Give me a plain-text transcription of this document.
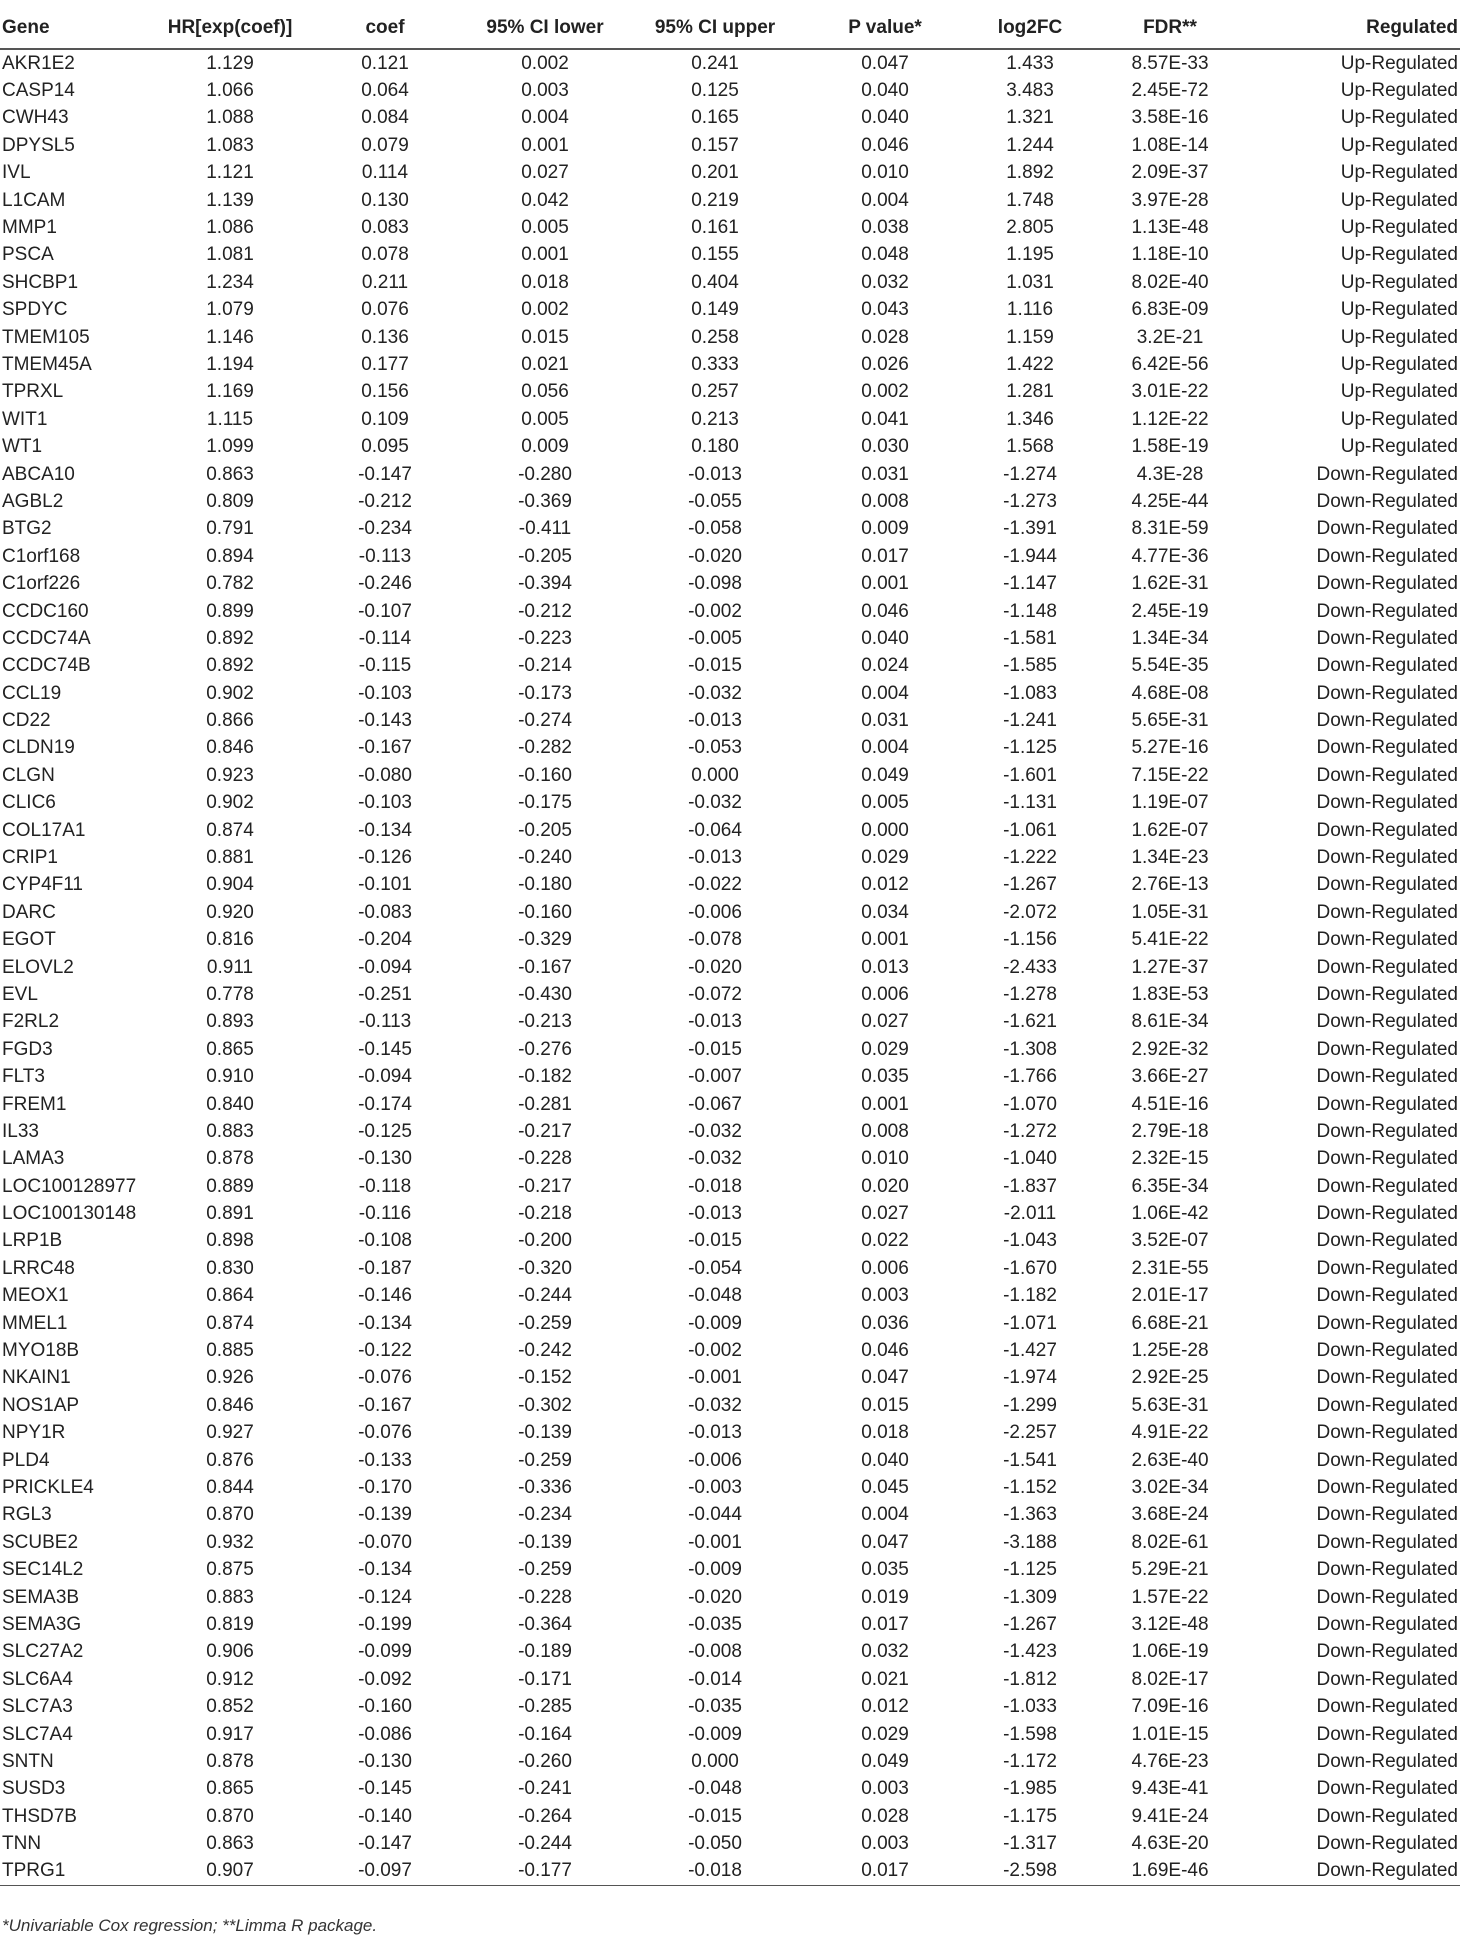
Gene	HR[exp(coef)]	coef	95% CI lower	95% CI upper	P value*	log2FC	FDR**	Regulated
AKR1E2	1.129	0.121	0.002	0.241	0.047	1.433	8.57E-33	Up-Regulated
CASP14	1.066	0.064	0.003	0.125	0.040	3.483	2.45E-72	Up-Regulated
CWH43	1.088	0.084	0.004	0.165	0.040	1.321	3.58E-16	Up-Regulated
DPYSL5	1.083	0.079	0.001	0.157	0.046	1.244	1.08E-14	Up-Regulated
IVL	1.121	0.114	0.027	0.201	0.010	1.892	2.09E-37	Up-Regulated
L1CAM	1.139	0.130	0.042	0.219	0.004	1.748	3.97E-28	Up-Regulated
MMP1	1.086	0.083	0.005	0.161	0.038	2.805	1.13E-48	Up-Regulated
PSCA	1.081	0.078	0.001	0.155	0.048	1.195	1.18E-10	Up-Regulated
SHCBP1	1.234	0.211	0.018	0.404	0.032	1.031	8.02E-40	Up-Regulated
SPDYC	1.079	0.076	0.002	0.149	0.043	1.116	6.83E-09	Up-Regulated
TMEM105	1.146	0.136	0.015	0.258	0.028	1.159	3.2E-21	Up-Regulated
TMEM45A	1.194	0.177	0.021	0.333	0.026	1.422	6.42E-56	Up-Regulated
TPRXL	1.169	0.156	0.056	0.257	0.002	1.281	3.01E-22	Up-Regulated
WIT1	1.115	0.109	0.005	0.213	0.041	1.346	1.12E-22	Up-Regulated
WT1	1.099	0.095	0.009	0.180	0.030	1.568	1.58E-19	Up-Regulated
ABCA10	0.863	-0.147	-0.280	-0.013	0.031	-1.274	4.3E-28	Down-Regulated
AGBL2	0.809	-0.212	-0.369	-0.055	0.008	-1.273	4.25E-44	Down-Regulated
BTG2	0.791	-0.234	-0.411	-0.058	0.009	-1.391	8.31E-59	Down-Regulated
C1orf168	0.894	-0.113	-0.205	-0.020	0.017	-1.944	4.77E-36	Down-Regulated
C1orf226	0.782	-0.246	-0.394	-0.098	0.001	-1.147	1.62E-31	Down-Regulated
CCDC160	0.899	-0.107	-0.212	-0.002	0.046	-1.148	2.45E-19	Down-Regulated
CCDC74A	0.892	-0.114	-0.223	-0.005	0.040	-1.581	1.34E-34	Down-Regulated
CCDC74B	0.892	-0.115	-0.214	-0.015	0.024	-1.585	5.54E-35	Down-Regulated
CCL19	0.902	-0.103	-0.173	-0.032	0.004	-1.083	4.68E-08	Down-Regulated
CD22	0.866	-0.143	-0.274	-0.013	0.031	-1.241	5.65E-31	Down-Regulated
CLDN19	0.846	-0.167	-0.282	-0.053	0.004	-1.125	5.27E-16	Down-Regulated
CLGN	0.923	-0.080	-0.160	0.000	0.049	-1.601	7.15E-22	Down-Regulated
CLIC6	0.902	-0.103	-0.175	-0.032	0.005	-1.131	1.19E-07	Down-Regulated
COL17A1	0.874	-0.134	-0.205	-0.064	0.000	-1.061	1.62E-07	Down-Regulated
CRIP1	0.881	-0.126	-0.240	-0.013	0.029	-1.222	1.34E-23	Down-Regulated
CYP4F11	0.904	-0.101	-0.180	-0.022	0.012	-1.267	2.76E-13	Down-Regulated
DARC	0.920	-0.083	-0.160	-0.006	0.034	-2.072	1.05E-31	Down-Regulated
EGOT	0.816	-0.204	-0.329	-0.078	0.001	-1.156	5.41E-22	Down-Regulated
ELOVL2	0.911	-0.094	-0.167	-0.020	0.013	-2.433	1.27E-37	Down-Regulated
EVL	0.778	-0.251	-0.430	-0.072	0.006	-1.278	1.83E-53	Down-Regulated
F2RL2	0.893	-0.113	-0.213	-0.013	0.027	-1.621	8.61E-34	Down-Regulated
FGD3	0.865	-0.145	-0.276	-0.015	0.029	-1.308	2.92E-32	Down-Regulated
FLT3	0.910	-0.094	-0.182	-0.007	0.035	-1.766	3.66E-27	Down-Regulated
FREM1	0.840	-0.174	-0.281	-0.067	0.001	-1.070	4.51E-16	Down-Regulated
IL33	0.883	-0.125	-0.217	-0.032	0.008	-1.272	2.79E-18	Down-Regulated
LAMA3	0.878	-0.130	-0.228	-0.032	0.010	-1.040	2.32E-15	Down-Regulated
LOC100128977	0.889	-0.118	-0.217	-0.018	0.020	-1.837	6.35E-34	Down-Regulated
LOC100130148	0.891	-0.116	-0.218	-0.013	0.027	-2.011	1.06E-42	Down-Regulated
LRP1B	0.898	-0.108	-0.200	-0.015	0.022	-1.043	3.52E-07	Down-Regulated
LRRC48	0.830	-0.187	-0.320	-0.054	0.006	-1.670	2.31E-55	Down-Regulated
MEOX1	0.864	-0.146	-0.244	-0.048	0.003	-1.182	2.01E-17	Down-Regulated
MMEL1	0.874	-0.134	-0.259	-0.009	0.036	-1.071	6.68E-21	Down-Regulated
MYO18B	0.885	-0.122	-0.242	-0.002	0.046	-1.427	1.25E-28	Down-Regulated
NKAIN1	0.926	-0.076	-0.152	-0.001	0.047	-1.974	2.92E-25	Down-Regulated
NOS1AP	0.846	-0.167	-0.302	-0.032	0.015	-1.299	5.63E-31	Down-Regulated
NPY1R	0.927	-0.076	-0.139	-0.013	0.018	-2.257	4.91E-22	Down-Regulated
PLD4	0.876	-0.133	-0.259	-0.006	0.040	-1.541	2.63E-40	Down-Regulated
PRICKLE4	0.844	-0.170	-0.336	-0.003	0.045	-1.152	3.02E-34	Down-Regulated
RGL3	0.870	-0.139	-0.234	-0.044	0.004	-1.363	3.68E-24	Down-Regulated
SCUBE2	0.932	-0.070	-0.139	-0.001	0.047	-3.188	8.02E-61	Down-Regulated
SEC14L2	0.875	-0.134	-0.259	-0.009	0.035	-1.125	5.29E-21	Down-Regulated
SEMA3B	0.883	-0.124	-0.228	-0.020	0.019	-1.309	1.57E-22	Down-Regulated
SEMA3G	0.819	-0.199	-0.364	-0.035	0.017	-1.267	3.12E-48	Down-Regulated
SLC27A2	0.906	-0.099	-0.189	-0.008	0.032	-1.423	1.06E-19	Down-Regulated
SLC6A4	0.912	-0.092	-0.171	-0.014	0.021	-1.812	8.02E-17	Down-Regulated
SLC7A3	0.852	-0.160	-0.285	-0.035	0.012	-1.033	7.09E-16	Down-Regulated
SLC7A4	0.917	-0.086	-0.164	-0.009	0.029	-1.598	1.01E-15	Down-Regulated
SNTN	0.878	-0.130	-0.260	0.000	0.049	-1.172	4.76E-23	Down-Regulated
SUSD3	0.865	-0.145	-0.241	-0.048	0.003	-1.985	9.43E-41	Down-Regulated
THSD7B	0.870	-0.140	-0.264	-0.015	0.028	-1.175	9.41E-24	Down-Regulated
TNN	0.863	-0.147	-0.244	-0.050	0.003	-1.317	4.63E-20	Down-Regulated
TPRG1	0.907	-0.097	-0.177	-0.018	0.017	-2.598	1.69E-46	Down-Regulated
*Univariable Cox regression; **Limma R package.
